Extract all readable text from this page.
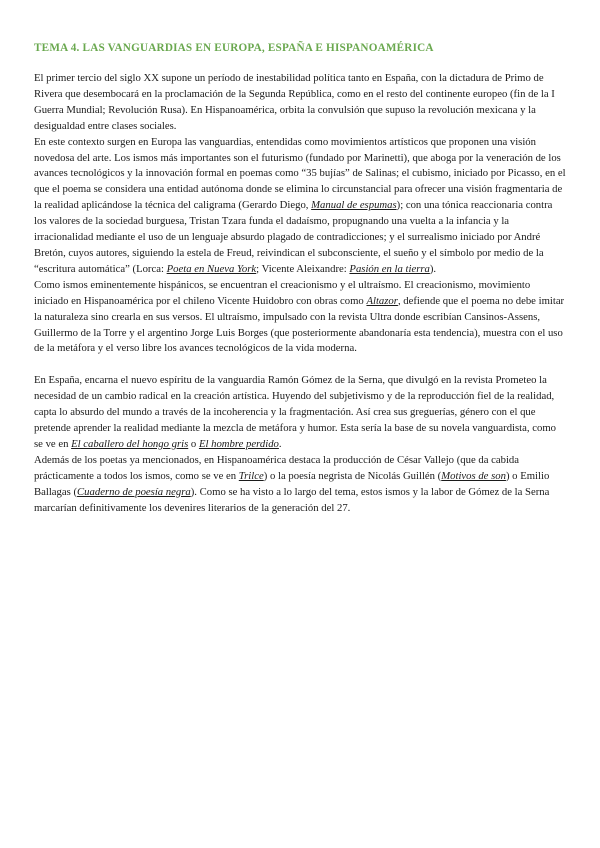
TEMA 4. LAS VANGUARDIAS EN EUROPA, ESPAÑA E HISPANOAMÉRICA

El primer tercio del siglo XX supone un período de inestabilidad política tanto en España, con la dictadura de Primo de Rivera que desembocará en la proclamación de la Segunda República, como en el resto del continente europeo (fin de la I Guerra Mundial; Revolución Rusa). En Hispanoamérica, orbita la convulsión que supuso la revolución mexicana y la desigualdad entre clases sociales.

En este contexto surgen en Europa las vanguardias, entendidas como movimientos artísticos que proponen una visión novedosa del arte. Los ismos más importantes son el futurismo (fundado por Marinetti), que aboga por la veneración de los avances tecnológicos y la innovación formal en poemas como “35 bujías” de Salinas; el cubismo, iniciado por Picasso, en el que el poema se considera una entidad autónoma donde se elimina lo circunstancial para ofrecer una visión fragmentaria de la realidad aplicándose la técnica del caligrama (Gerardo Diego, Manual de espumas); con una tónica reaccionaria contra los valores de la sociedad burguesa, Tristan Tzara funda el dadaísmo, propugnando una vuelta a la infancia y la irracionalidad mediante el uso de un lenguaje absurdo plagado de contradicciones; y el surrealismo iniciado por André Bretón, cuyos autores, siguiendo la estela de Freud, reivindican el subconsciente, el sueño y el símbolo por medio de la “escritura automática” (Lorca: Poeta en Nueva York; Vicente Aleixandre: Pasión en la tierra).

Como ismos eminentemente hispánicos, se encuentran el creacionismo y el ultraísmo. El creacionismo, movimiento iniciado en Hispanoamérica por el chileno Vicente Huidobro con obras como Altazor, defiende que el poema no debe imitar la naturaleza sino crearla en sus versos. El ultraísmo, impulsado con la revista Ultra donde escribían Cansinos-Assens, Guillermo de la Torre y el argentino Jorge Luis Borges (que posteriormente abandonaría esta tendencia), muestra con el uso de la metáfora y el verso libre los avances tecnológicos de la vida moderna.

En España, encarna el nuevo espíritu de la vanguardia Ramón Gómez de la Serna, que divulgó en la revista Prometeo la necesidad de un cambio radical en la creación artística. Huyendo del subjetivismo y de la reproducción fiel de la realidad, capta lo absurdo del mundo a través de la incoherencia y la fragmentación. Así crea sus greguerías, género con el que pretende aprender la realidad mediante la mezcla de metáfora y humor. Esta sería la base de su novela vanguardista, como se ve en El caballero del hongo gris o El hombre perdido.

Además de los poetas ya mencionados, en Hispanoamérica destaca la producción de César Vallejo (que da cabida prácticamente a todos los ismos, como se ve en Trilce) o la poesía negrista de Nicolás Guillén (Motivos de son) o Emilio Ballagas (Cuaderno de poesía negra). Como se ha visto a lo largo del tema, estos ismos y la labor de Gómez de la Serna marcarían definitivamente los devenires literarios de la generación del 27.
